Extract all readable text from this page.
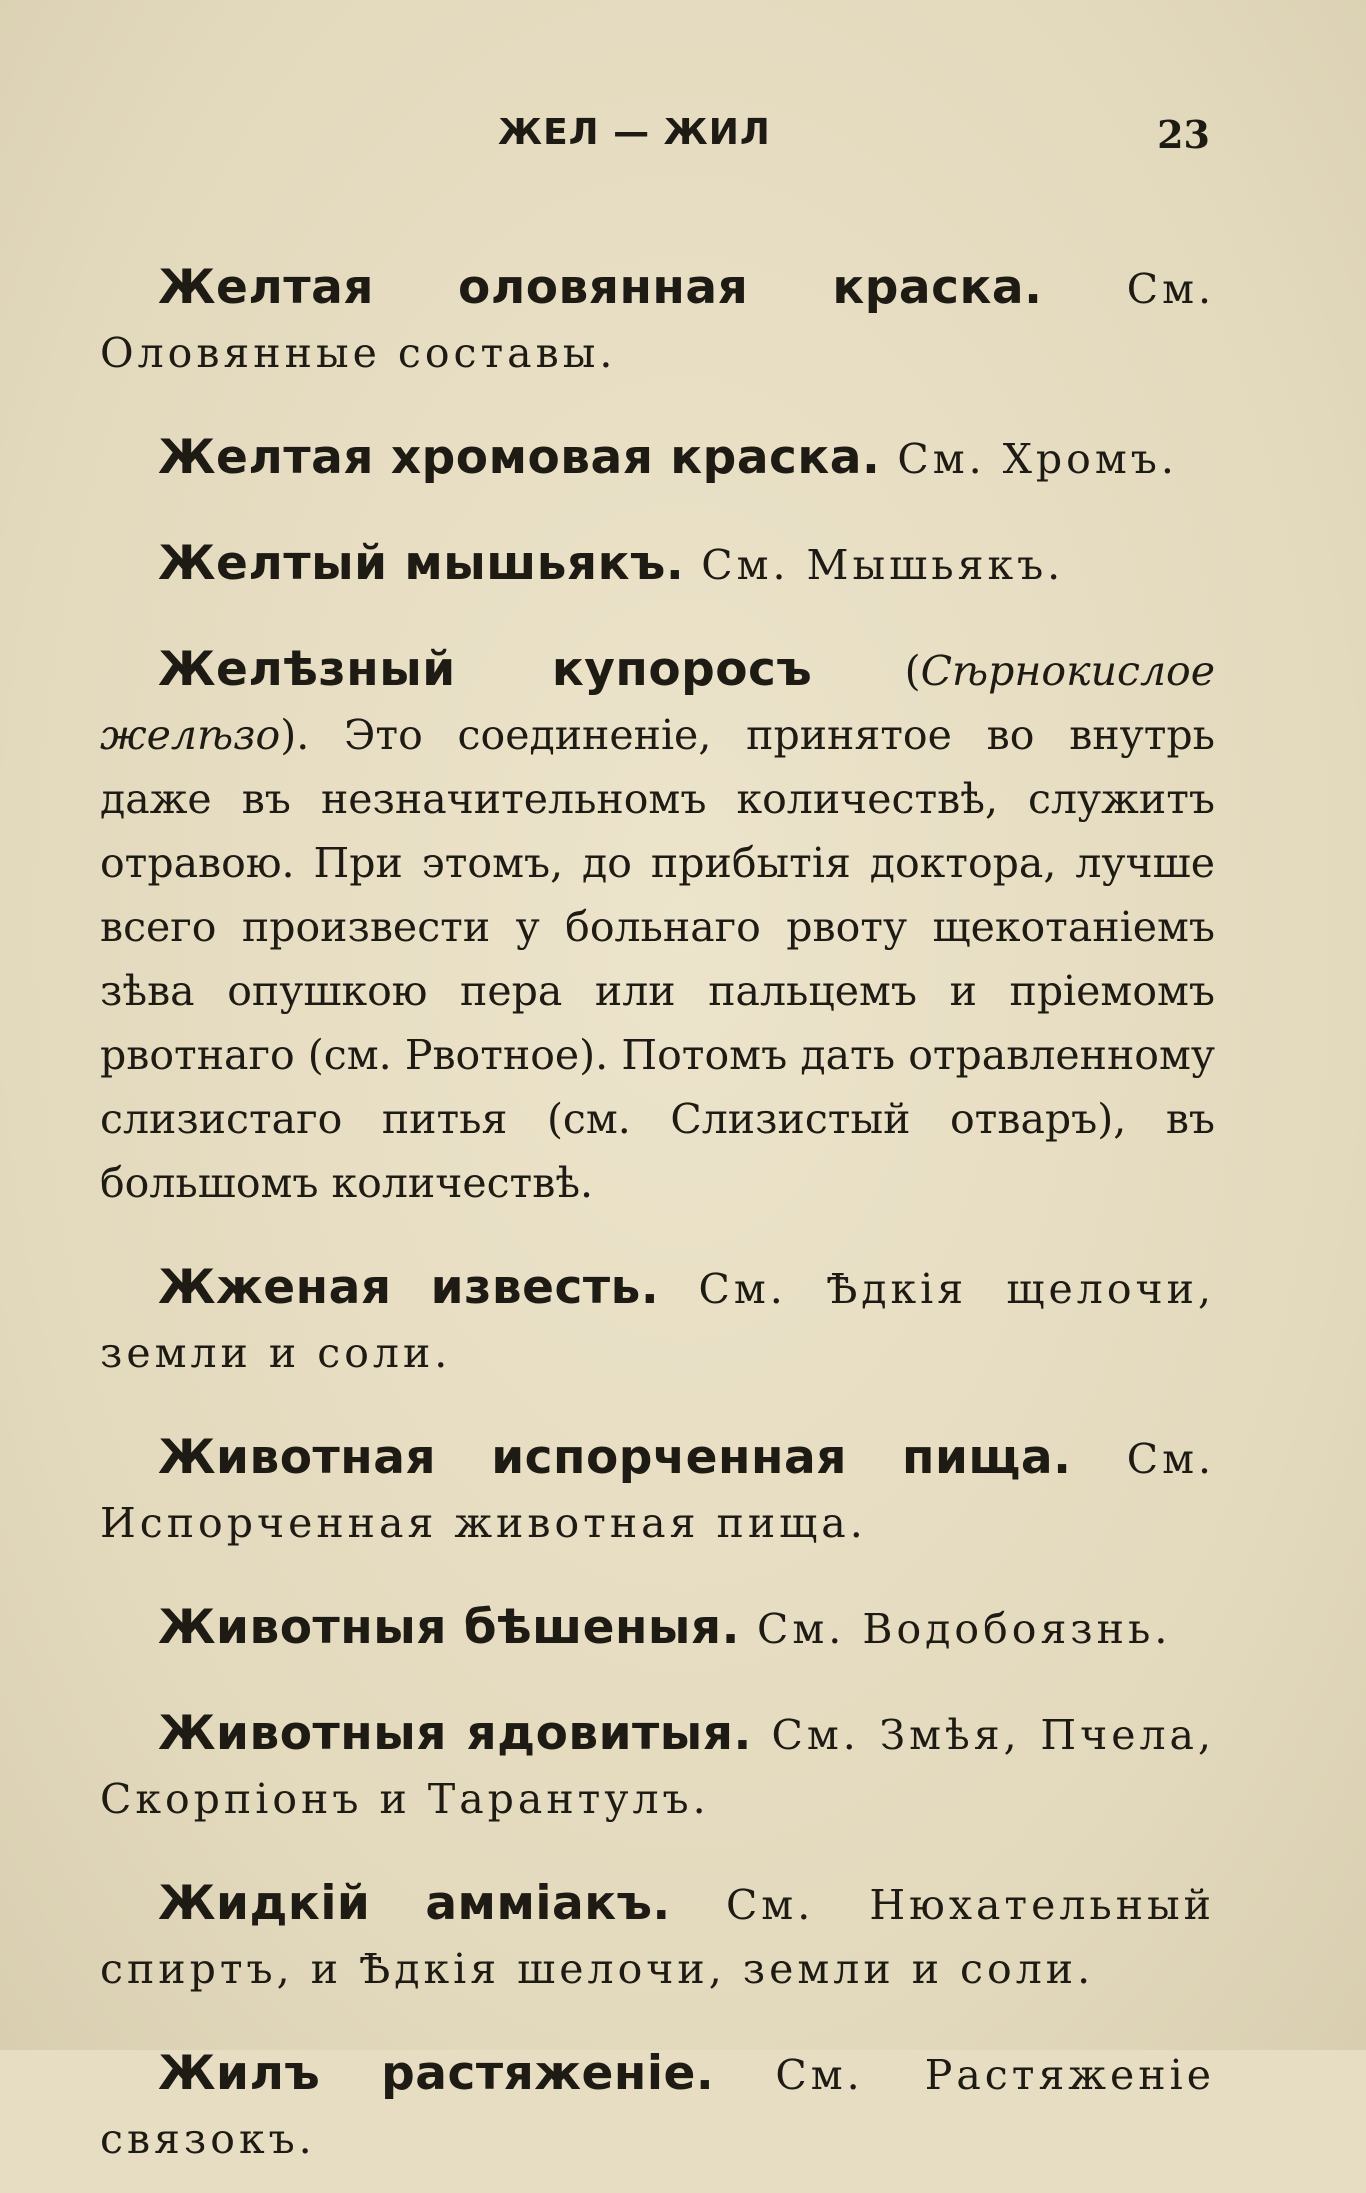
ЖЕЛ — ЖИЛ	23

Желтая оловянная краска. См. Оловянные составы.

Желтая хромовая краска. См. Хромъ.

Желтый мышьякъ. См. Мышьякъ.

Желѣзный купоросъ (Сѣрнокислое желѣзо). Это соединеніе, принятое во внутрь даже въ незначительномъ количествѣ, служитъ отравою. При этомъ, до прибытія доктора, лучше всего произвести у больнаго рвоту щекотаніемъ зѣва опушкою пера или пальцемъ и пріемомъ рвотнаго (см. Рвотное). Потомъ дать отравленному слизистаго питья (см. Слизистый отваръ), въ большомъ количествѣ.

Жженая известь. См. Ѣдкія щелочи, земли и соли.

Животная испорченная пища. См. Испорченная животная пища.

Животныя бѣшеныя. См. Водобоязнь.

Животныя ядовитыя. См. Змѣя, Пчела, Скорпіонъ и Тарантулъ.

Жидкій амміакъ. См. Нюхательный спиртъ, и Ѣдкія шелочи, земли и соли.

Жилъ растяженіе. См. Растяженіе связокъ.
